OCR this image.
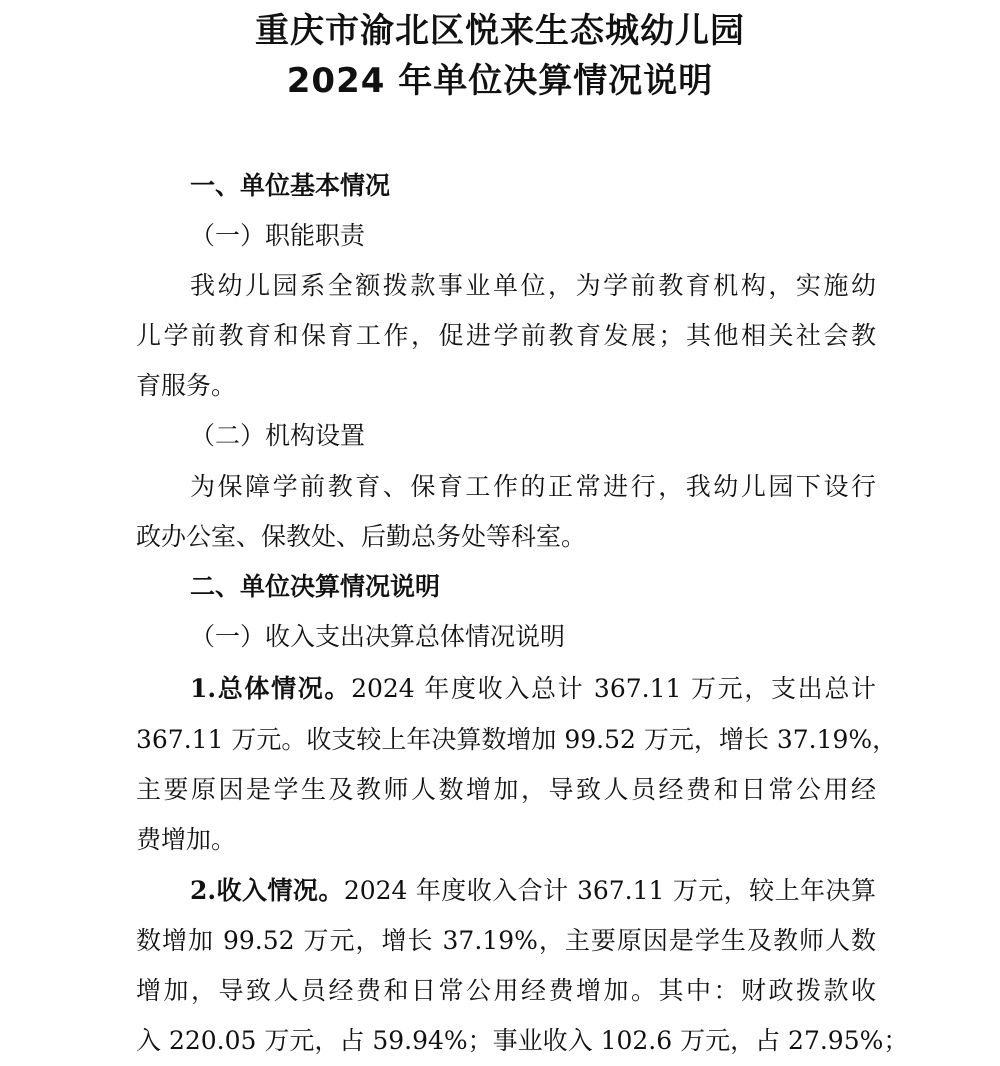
重庆市渝北区悦来生态城幼儿园
2024 年单位决算情况说明
一、单位基本情况
（一）职能职责
我幼儿园系全额拨款事业单位，为学前教育机构，实施幼
儿学前教育和保育工作，促进学前教育发展；其他相关社会教
育服务。
（二）机构设置
为保障学前教育、保育工作的正常进行，我幼儿园下设行
政办公室、保教处、后勤总务处等科室。
二、单位决算情况说明
（一）收入支出决算总体情况说明
1.总体情况。2024 年度收入总计 367.11 万元，支出总计
367.11 万元。收支较上年决算数增加 99.52 万元，增长 37.19%，
主要原因是学生及教师人数增加，导致人员经费和日常公用经
费增加。
2.收入情况。2024 年度收入合计 367.11 万元，较上年决算
数增加 99.52 万元，增长 37.19%，主要原因是学生及教师人数
增加，导致人员经费和日常公用经费增加。其中：财政拨款收
入 220.05 万元，占 59.94%；事业收入 102.6 万元，占 27.95%；
